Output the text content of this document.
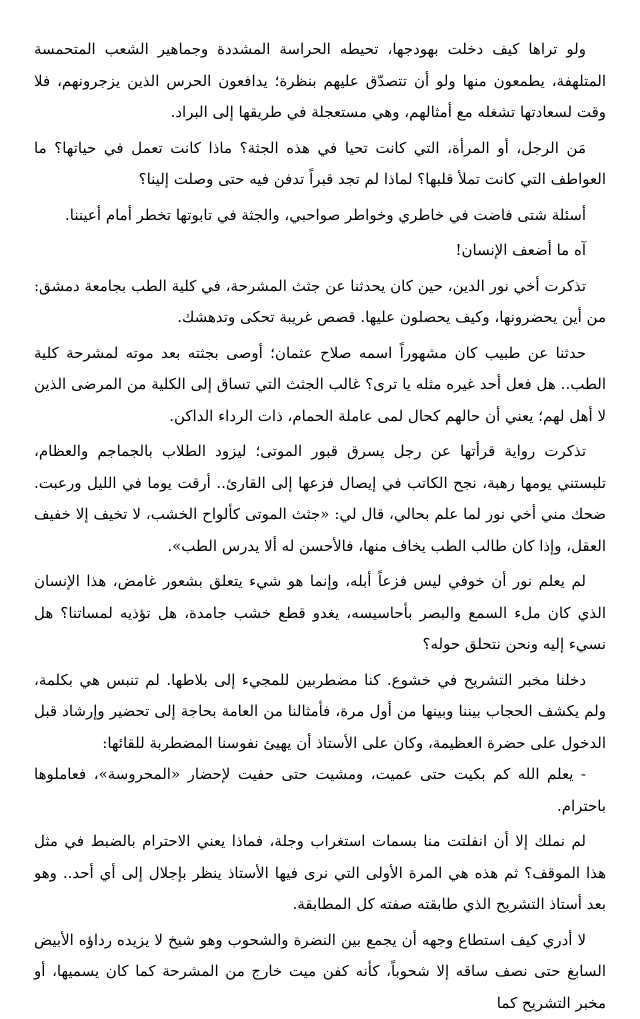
ولو تراها كيف دخلت بهودجها، تحيطه الحراسة المشددة وجماهير الشعب المتحمسة المتلهفة، يطمعون منها ولو أن تتصدّق عليهم بنظرة؛ يدافعون الحرس الذين يزجرونهم، فلا وقت لسعادتها تشغله مع أمثالهم، وهي مستعجلة في طريقها إلى البراد.

مَن الرجل، أو المرأة، التي كانت تحيا في هذه الجثة؟ ماذا كانت تعمل في حياتها؟ ما العواطف التي كانت تملأ قلبها؟ لماذا لم تجد قبراً تدفن فيه حتى وصلت إلينا؟

أسئلة شتى فاضت في خاطري وخواطر صواحبي، والجثة في تابوتها تخطر أمام أعيننا.

آه ما أضعف الإنسان!

تذكرت أخي نور الدين، حين كان يحدثنا عن جثث المشرحة، في كلية الطب بجامعة دمشق: من أين يحضرونها، وكيف يحصلون عليها. قصص غريبة تحكى وتدهشك.

حدثنا عن طبيب كان مشهوراً اسمه صلاح عثمان؛ أوصى بجثته بعد موته لمشرحة كلية الطب.. هل فعل أحد غيره مثله يا ترى؟ غالب الجثث التي تساق إلى الكلية من المرضى الذين لا أهل لهم؛ يعني أن حالهم كحال لمى عاملة الحمام، ذات الرداء الداكن.

تذكرت رواية قرأتها عن رجل يسرق قبور الموتى؛ ليزود الطلاب بالجماجم والعظام، تلبستني يومها رهبة، نجح الكاتب في إيصال فزعها إلى القارئ.. أرقت يوما في الليل ورعبت. ضحك مني أخي نور لما علم بحالي، قال لي: «جثث الموتى كألواح الخشب، لا تخيف إلا خفيف العقل، وإذا كان طالب الطب يخاف منها، فالأحسن له ألا يدرس الطب».

لم يعلم نور أن خوفي ليس فزعاً أبله، وإنما هو شيء يتعلق بشعور غامض، هذا الإنسان الذي كان ملء السمع والبصر بأحاسيسه، يغدو قطع خشب جامدة، هل تؤذيه لمساتنا؟ هل نسيء إليه ونحن نتحلق حوله؟

دخلنا مخبر التشريح في خشوع. كنا مضطربين للمجيء إلى بلاطها. لم تنبس هي بكلمة، ولم يكشف الحجاب بيننا وبينها من أول مرة، فأمثالنا من العامة بحاجة إلى تحضير وإرشاد قبل الدخول على حضرة العظيمة، وكان على الأستاذ أن يهيئ نفوسنا المضطربة للقائها:

- يعلم الله كم بكيت حتى عميت، ومشيت حتى حفيت لإحضار «المحروسة»، فعاملوها باحترام.

لم نملك إلا أن انفلتت منا بسمات استغراب وجلة، فماذا يعني الاحترام بالضبط في مثل هذا الموقف؟ ثم هذه هي المرة الأولى التي نرى فيها الأستاذ ينظر بإجلال إلى أي أحد.. وهو بعد أستاذ التشريح الذي طابقته صفته كل المطابقة.

لا أدري كيف استطاع وجهه أن يجمع بين النضرة والشحوب وهو شيخ لا يزيده رداؤه الأبيض السابغ حتى نصف ساقه إلا شحوباً، كأنه كفن ميت خارج من المشرحة كما كان يسميها، أو مخبر التشريح كما
